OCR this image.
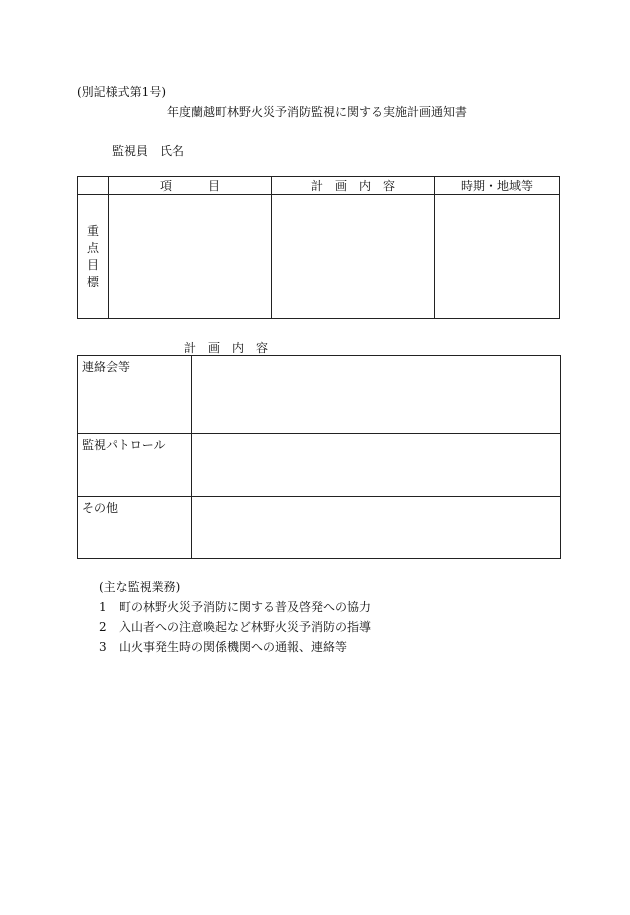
(別記様式第1号)
年度蘭越町林野火災予消防監視に関する実施計画通知書
監視員 氏名
	項　　　目	計　画　内　容	時期・地域等

重
点
目
標			

計　画　内　容
連絡会等	
監視パトロール	
その他	
(主な監視業務)
1 町の林野火災予消防に関する普及啓発への協力
2 入山者への注意喚起など林野火災予消防の指導
3 山火事発生時の関係機関への通報、連絡等
